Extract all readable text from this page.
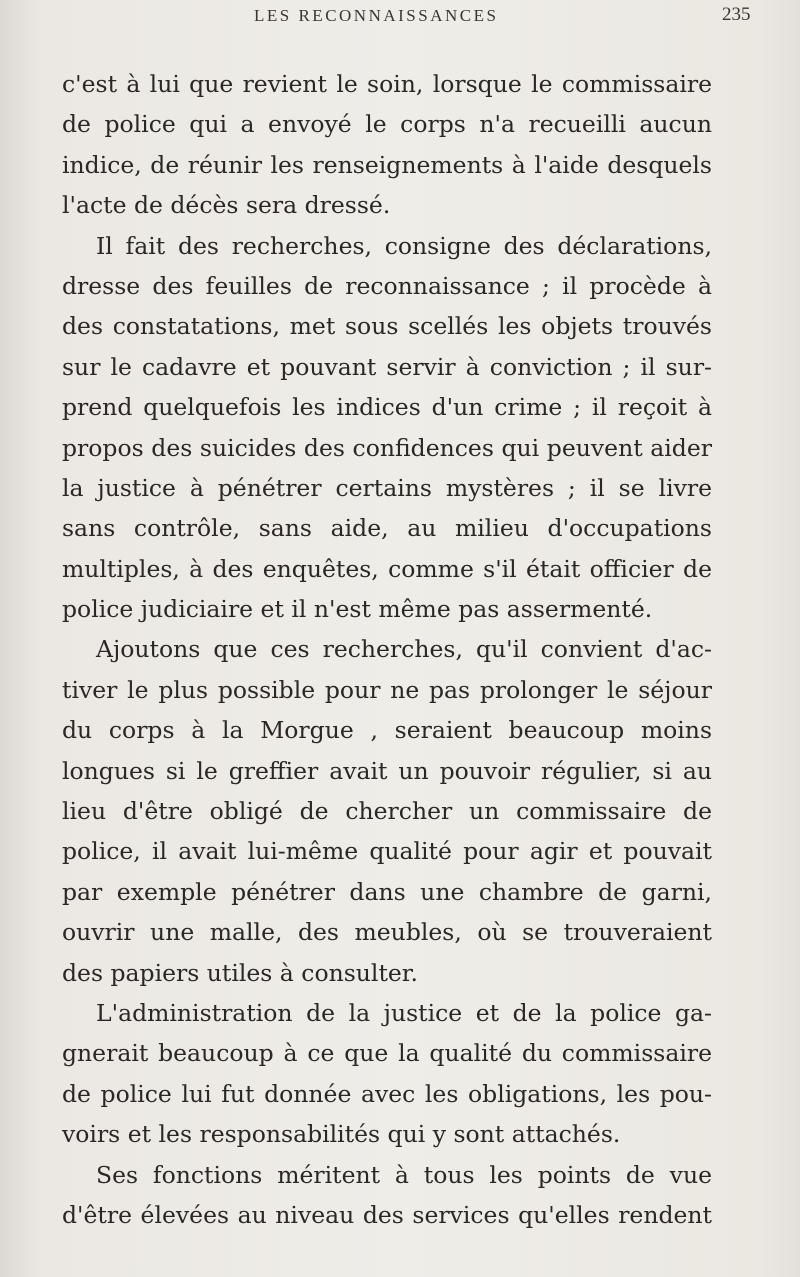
LES RECONNAISSANCES	235
c'est à lui que revient le soin, lorsque le commissaire
de police qui a envoyé le corps n'a recueilli aucun
indice, de réunir les renseignements à l'aide desquels
l'acte de décès sera dressé.
Il fait des recherches, consigne des déclarations,
dresse des feuilles de reconnaissance ; il procède à
des constatations, met sous scellés les objets trouvés
sur le cadavre et pouvant servir à conviction ; il sur-
prend quelquefois les indices d'un crime ; il reçoit à
propos des suicides des confidences qui peuvent aider
la justice à pénétrer certains mystères ; il se livre
sans contrôle, sans aide, au milieu d'occupations
multiples, à des enquêtes, comme s'il était officier de
police judiciaire et il n'est même pas assermenté.
Ajoutons que ces recherches, qu'il convient d'ac-
tiver le plus possible pour ne pas prolonger le séjour
du corps à la Morgue , seraient beaucoup moins
longues si le greffier avait un pouvoir régulier, si au
lieu d'être obligé de chercher un commissaire de
police, il avait lui-même qualité pour agir et pouvait
par exemple pénétrer dans une chambre de garni,
ouvrir une malle, des meubles, où se trouveraient
des papiers utiles à consulter.
L'administration de la justice et de la police ga-
gnerait beaucoup à ce que la qualité du commissaire
de police lui fut donnée avec les obligations, les pou-
voirs et les responsabilités qui y sont attachés.
Ses fonctions méritent à tous les points de vue
d'être élevées au niveau des services qu'elles rendent
